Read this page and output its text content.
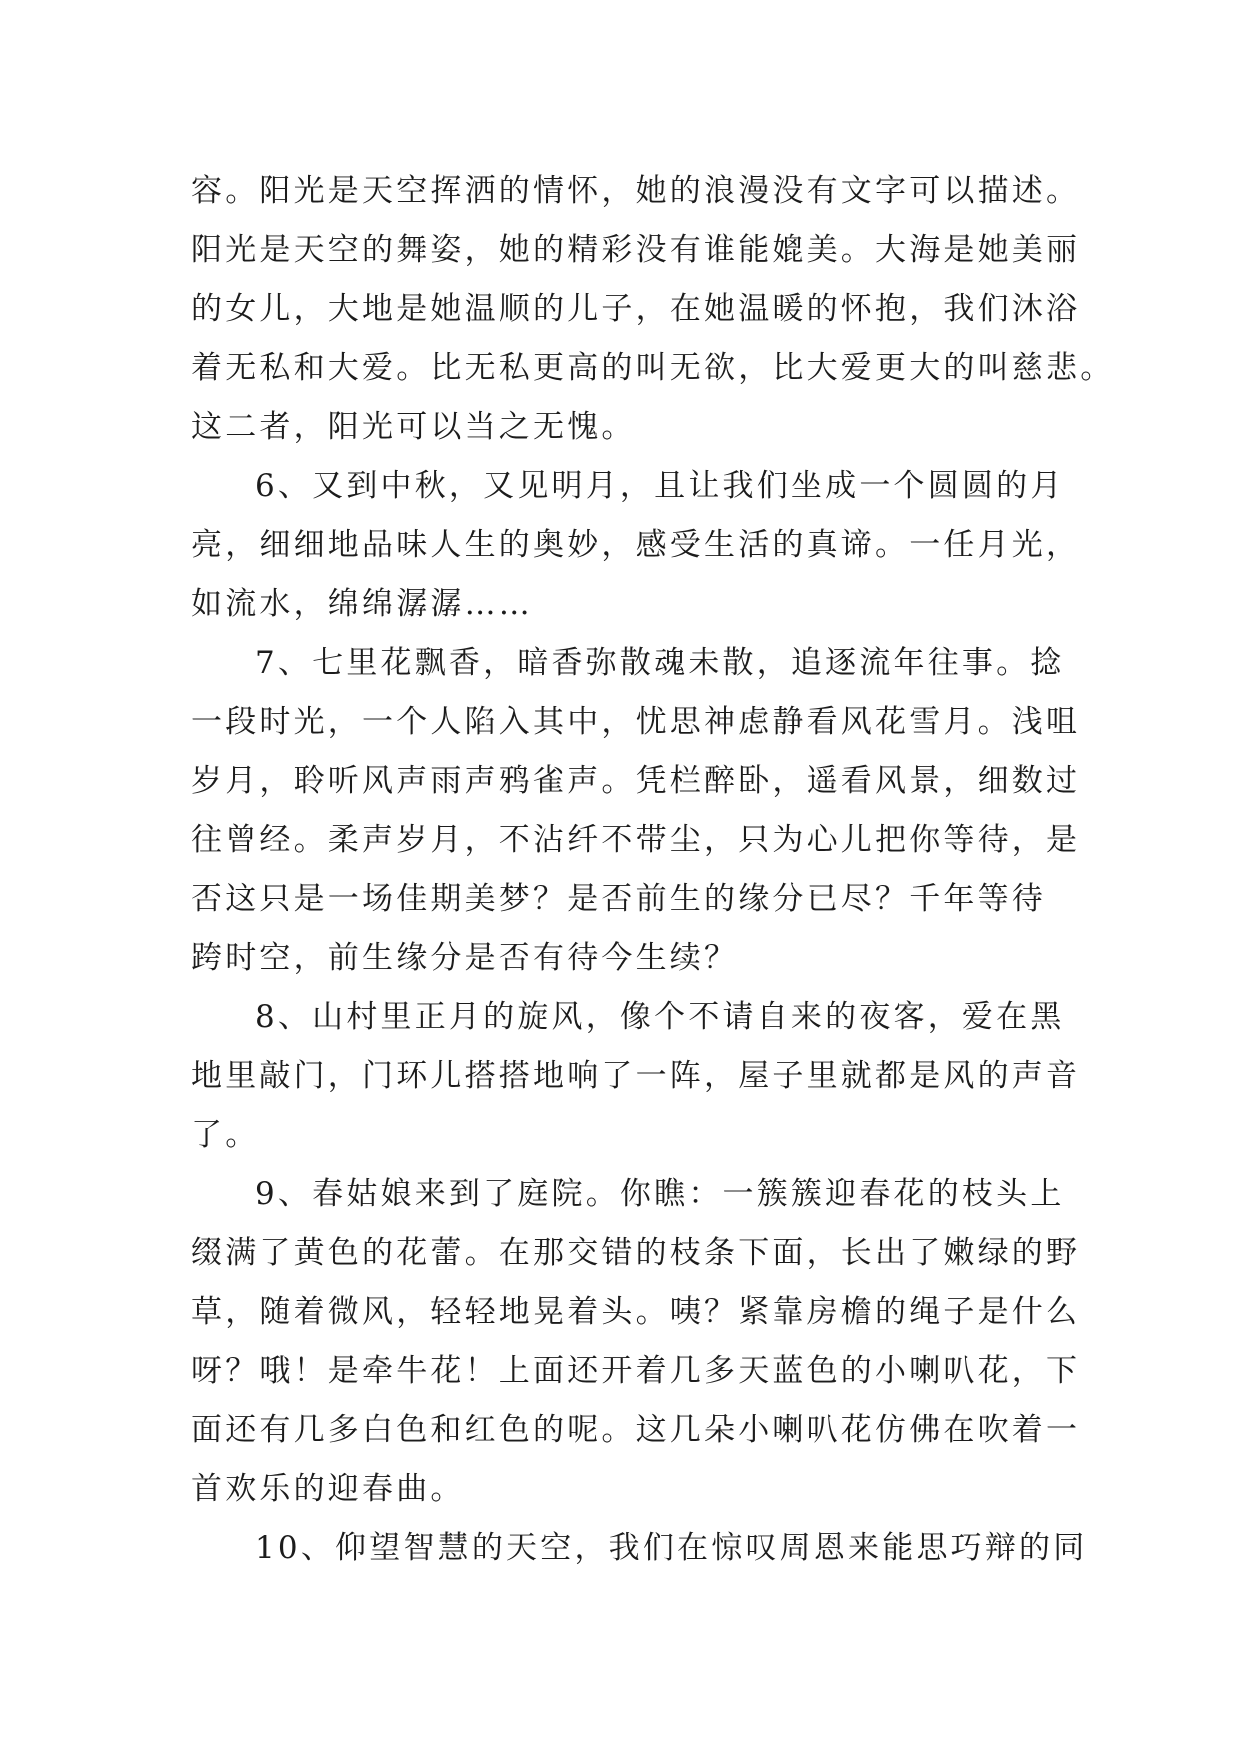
容。阳光是天空挥洒的情怀，她的浪漫没有文字可以描述。
阳光是天空的舞姿，她的精彩没有谁能媲美。大海是她美丽
的女儿，大地是她温顺的儿子，在她温暖的怀抱，我们沐浴
着无私和大爱。比无私更高的叫无欲，比大爱更大的叫慈悲。
这二者，阳光可以当之无愧。
6、又到中秋，又见明月，且让我们坐成一个圆圆的月
亮，细细地品味人生的奥妙，感受生活的真谛。一任月光，
如流水，绵绵潺潺……
7、七里花飘香，暗香弥散魂未散，追逐流年往事。捻
一段时光，一个人陷入其中，忧思神虑静看风花雪月。浅咀
岁月，聆听风声雨声鸦雀声。凭栏醉卧，遥看风景，细数过
往曾经。柔声岁月，不沾纤不带尘，只为心儿把你等待，是
否这只是一场佳期美梦？是否前生的缘分已尽？千年等待
跨时空，前生缘分是否有待今生续？
8、山村里正月的旋风，像个不请自来的夜客，爱在黑
地里敲门，门环儿搭搭地响了一阵，屋子里就都是风的声音
了。
9、春姑娘来到了庭院。你瞧：一簇簇迎春花的枝头上
缀满了黄色的花蕾。在那交错的枝条下面，长出了嫩绿的野
草，随着微风，轻轻地晃着头。咦？紧靠房檐的绳子是什么
呀？哦！是牵牛花！上面还开着几多天蓝色的小喇叭花，下
面还有几多白色和红色的呢。这几朵小喇叭花仿佛在吹着一
首欢乐的迎春曲。
10、仰望智慧的天空，我们在惊叹周恩来能思巧辩的同
